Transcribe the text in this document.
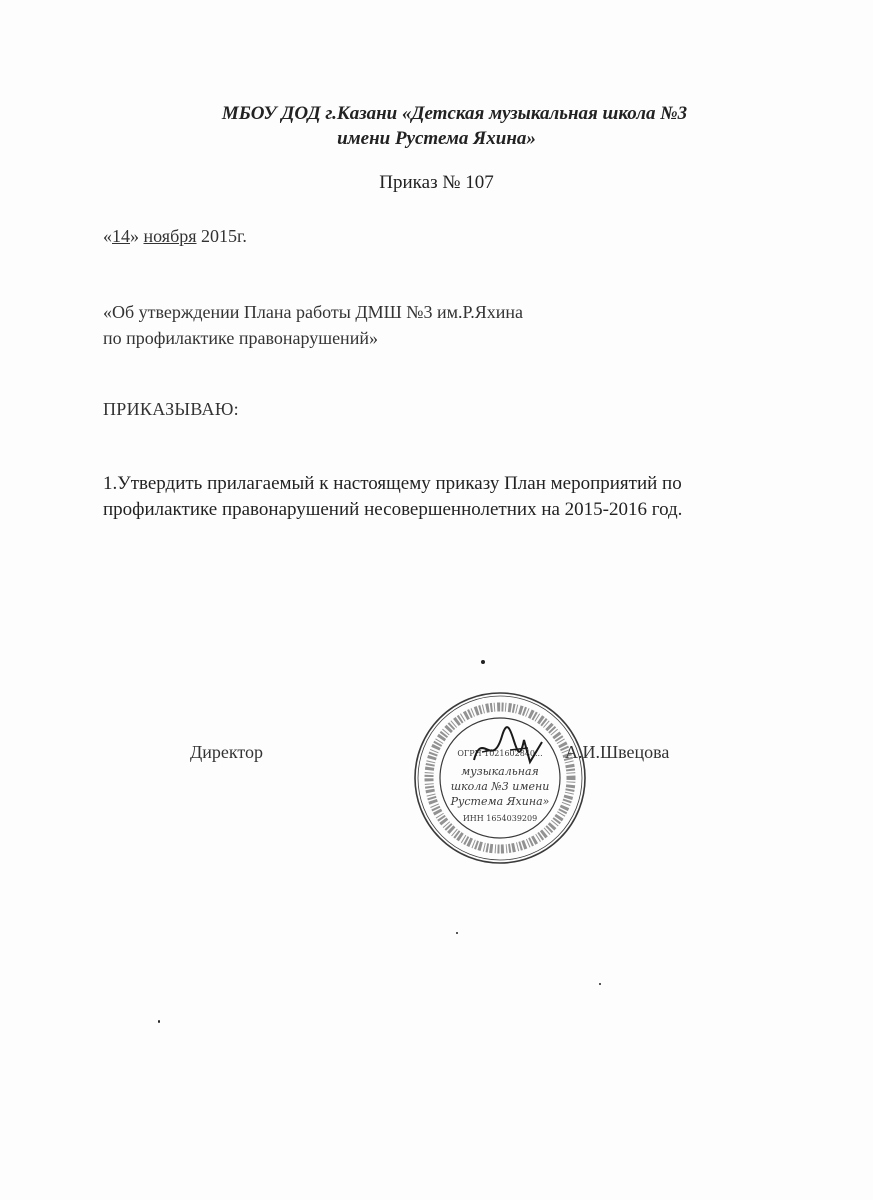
МБОУ ДОД г.Казани «Детская музыкальная школа №3
имени Рустема Яхина»
Приказ № 107
«14» ноября 2015г.
«Об утверждении Плана работы ДМШ №3 им.Р.Яхина
по профилактике правонарушений»
ПРИКАЗЫВАЮ:
1.Утвердить прилагаемый к настоящему приказу План мероприятий по профилактике правонарушений несовершеннолетних на 2015-2016 год.
Директор	А.И.Швецова
ОГРН 1021602840...
музыкальная
школа №3 имени
Рустема Яхина»
ИНН 1654039209
